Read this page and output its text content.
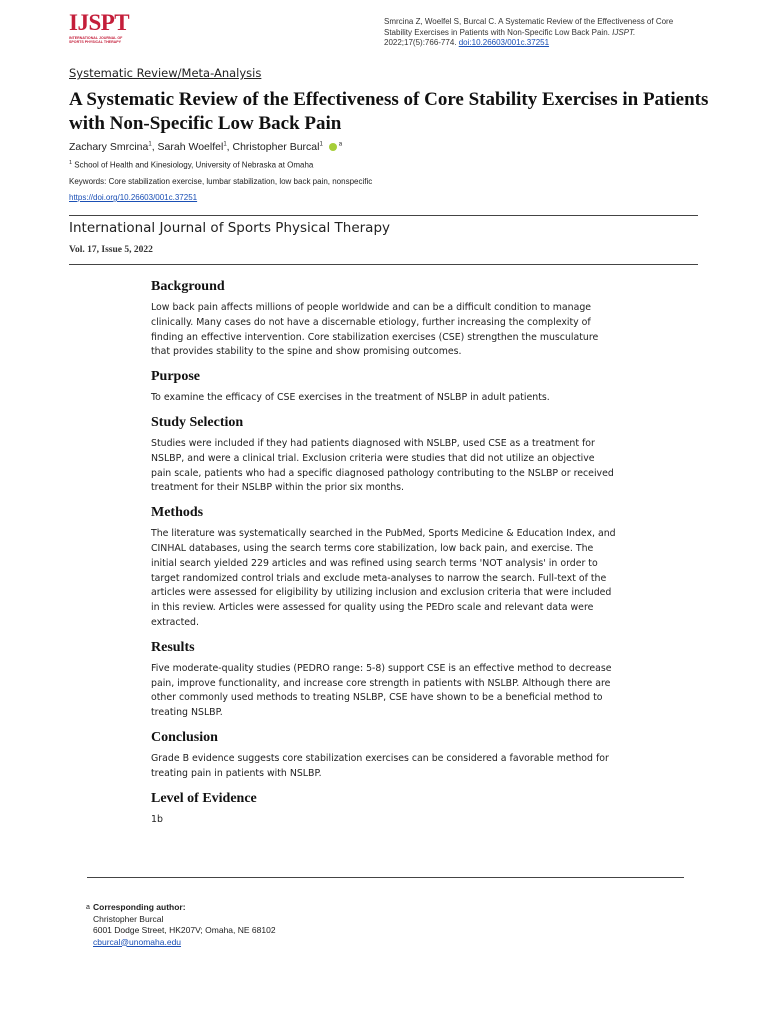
IJSPT
INTERNATIONAL JOURNAL OF
SPORTS PHYSICAL THERAPY
Smrcina Z, Woelfel S, Burcal C. A Systematic Review of the Effectiveness of Core Stability Exercises in Patients with Non-Specific Low Back Pain. IJSPT. 2022;17(5):766-774. doi:10.26603/001c.37251
Systematic Review/Meta-Analysis
A Systematic Review of the Effectiveness of Core Stability Exercises in Patients with Non-Specific Low Back Pain
Zachary Smrcina$^1$, Sarah Woelfel$^1$, Christopher Burcal$^1$	$^a$
$^1$ School of Health and Kinesiology, University of Nebraska at Omaha
Keywords: Core stabilization exercise, lumbar stabilization, low back pain, nonspecific
https://doi.org/10.26603/001c.37251
International Journal of Sports Physical Therapy
Vol. 17, Issue 5, 2022
Background

Low back pain affects millions of people worldwide and can be a difficult condition to manage clinically. Many cases do not have a discernable etiology, further increasing the complexity of finding an effective intervention. Core stabilization exercises (CSE) strengthen the musculature that provides stability to the spine and show promising outcomes.

Purpose

To examine the efficacy of CSE exercises in the treatment of NSLBP in adult patients.

Study Selection

Studies were included if they had patients diagnosed with NSLBP, used CSE as a treatment for NSLBP, and were a clinical trial. Exclusion criteria were studies that did not utilize an objective pain scale, patients who had a specific diagnosed pathology contributing to the NSLBP or received treatment for their NSLBP within the prior six months.

Methods

The literature was systematically searched in the PubMed, Sports Medicine & Education Index, and CINHAL databases, using the search terms core stabilization, low back pain, and exercise. The initial search yielded 229 articles and was refined using search terms 'NOT analysis' in order to target randomized control trials and exclude meta-analyses to narrow the search. Full-text of the articles were assessed for eligibility by utilizing inclusion and exclusion criteria that were included in this review. Articles were assessed for quality using the PEDro scale and relevant data were extracted.

Results

Five moderate-quality studies (PEDRO range: 5-8) support CSE is an effective method to decrease pain, improve functionality, and increase core strength in patients with NSLBP. Although there are other commonly used methods to treating NSLBP, CSE have shown to be a beneficial method to treating NSLBP.

Conclusion

Grade B evidence suggests core stabilization exercises can be considered a favorable method for treating pain in patients with NSLBP.

Level of Evidence

1b

a Corresponding author:
Christopher Burcal
6001 Dodge Street, HK207V; Omaha, NE 68102
cburcal@unomaha.edu
